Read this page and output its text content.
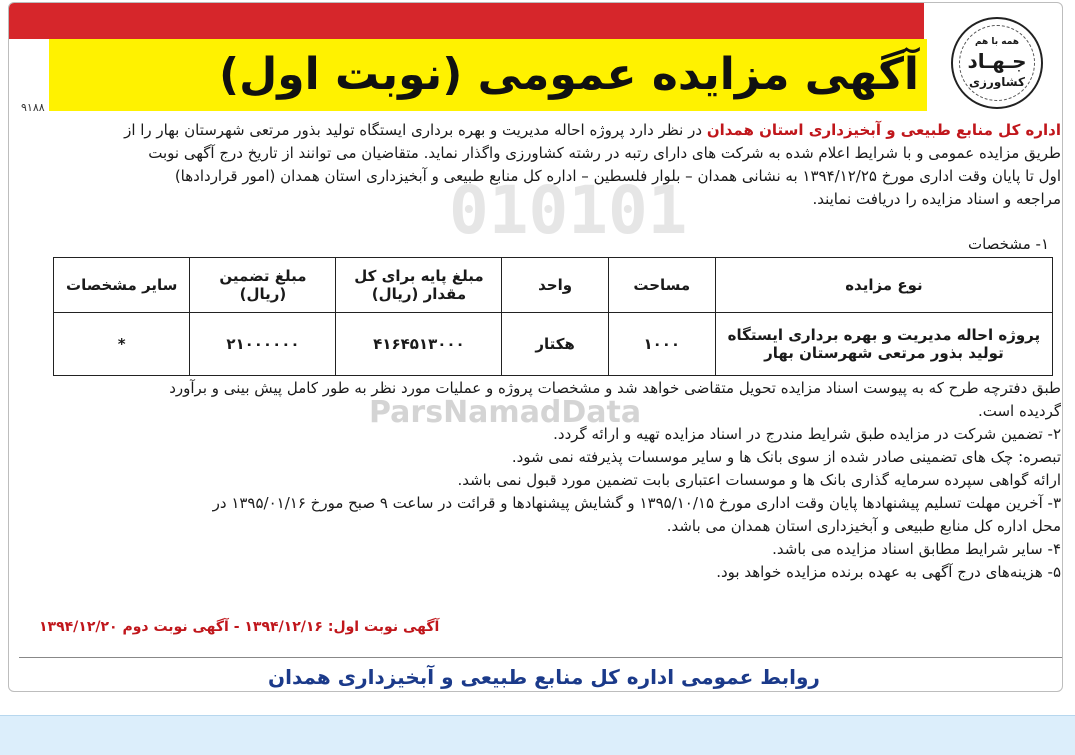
آگهی مزایده عمومی (نوبت اول)
همه با هم
جـهـاد
کشاورزی
۹۱۸۸
010101
ParsNamadData
اداره کل منابع طبیعی و آبخیزداری استان همدان در نظر دارد پروژه احاله مدیریت و بهره برداری ایستگاه تولید بذور مرتعی شهرستان بهار را از
طریق مزایده عمومی و با شرایط اعلام شده به شرکت های دارای رتبه در رشته کشاورزی واگذار نماید. متقاضیان می توانند از تاریخ درج آگهی نوبت
اول تا پایان وقت اداری مورخ ۱۳۹۴/۱۲/۲۵ به نشانی همدان – بلوار فلسطین – اداره کل منابع طبیعی و آبخیزداری استان همدان (امور قراردادها)
مراجعه و اسناد مزایده را دریافت نمایند.
۱- مشخصات
نوع مزایده	مساحت	واحد	مبلغ پایه برای کل مقدار (ریال)	مبلغ تضمین (ریال)	سایر مشخصات
پروژه احاله مدیریت و بهره برداری ایستگاه تولید بذور مرتعی شهرستان بهار	۱۰۰۰	هکتار	۴۱۶۴۵۱۳۰۰۰	۲۱۰۰۰۰۰۰	*
طبق دفترچه طرح که به پیوست اسناد مزایده تحویل متقاضی خواهد شد و مشخصات پروژه و عملیات مورد نظر به طور کامل پیش بینی و برآورد
گردیده است.
۲- تضمین شرکت در مزایده طبق شرایط مندرج در اسناد مزایده تهیه و ارائه گردد.
تبصره: چک های تضمینی صادر شده از سوی بانک ها و سایر موسسات پذیرفته نمی شود.
ارائه گواهی سپرده سرمایه گذاری بانک ها و موسسات اعتباری بابت تضمین مورد قبول نمی باشد.
۳- آخرین مهلت تسلیم پیشنهادها پایان وقت اداری مورخ ۱۳۹۵/۱۰/۱۵ و گشایش پیشنهادها و قرائت در ساعت ۹ صبح مورخ ۱۳۹۵/۰۱/۱۶ در
محل اداره کل منابع طبیعی و آبخیزداری استان همدان می باشد.
۴- سایر شرایط مطابق اسناد مزایده می باشد.
۵- هزینه‌های درج آگهی به عهده برنده مزایده خواهد بود.
آگهی نوبت اول: ۱۳۹۴/۱۲/۱۶ - آگهی نوبت دوم ۱۳۹۴/۱۲/۲۰
روابط عمومی اداره کل منابع طبیعی و آبخیزداری همدان
